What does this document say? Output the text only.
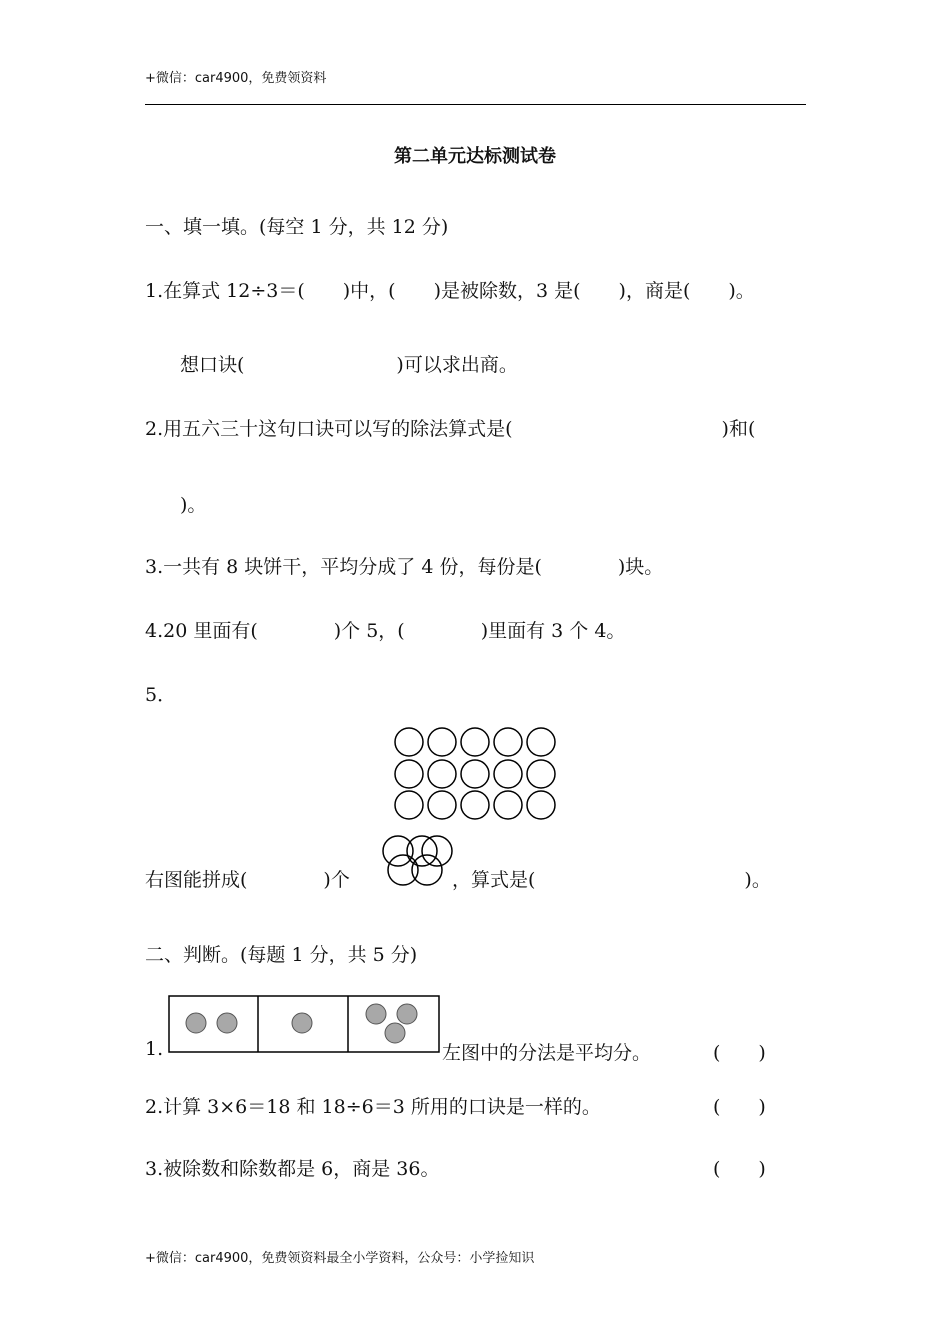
+微信：car4900，免费领资料
第二单元达标测试卷
一、填一填。(每空 1 分，共 12 分)
1.在算式 12÷3＝(　　)中，(　　)是被除数，3 是(　　)，商是(　　)。
想口诀(　　　　　　　　)可以求出商。
2.用五六三十这句口诀可以写的除法算式是(　　　　　　　　　　　)和(
)。
3.一共有 8 块饼干，平均分成了 4 份，每份是(　　　　)块。
4.20 里面有(　　　　)个 5，(　　　　)里面有 3 个 4。
5．
右图能拼成(　　　　)个	，算式是(　　　　　　　　　　　)。
二、判断。(每题 1 分，共 5 分)
1.	左图中的分法是平均分。	(　　)
2.计算 3×6＝18 和 18÷6＝3 所用的口诀是一样的。	(　　)
3.被除数和除数都是 6，商是 36。	(　　)
+微信：car4900，免费领资料最全小学资料，公众号：小学捡知识
